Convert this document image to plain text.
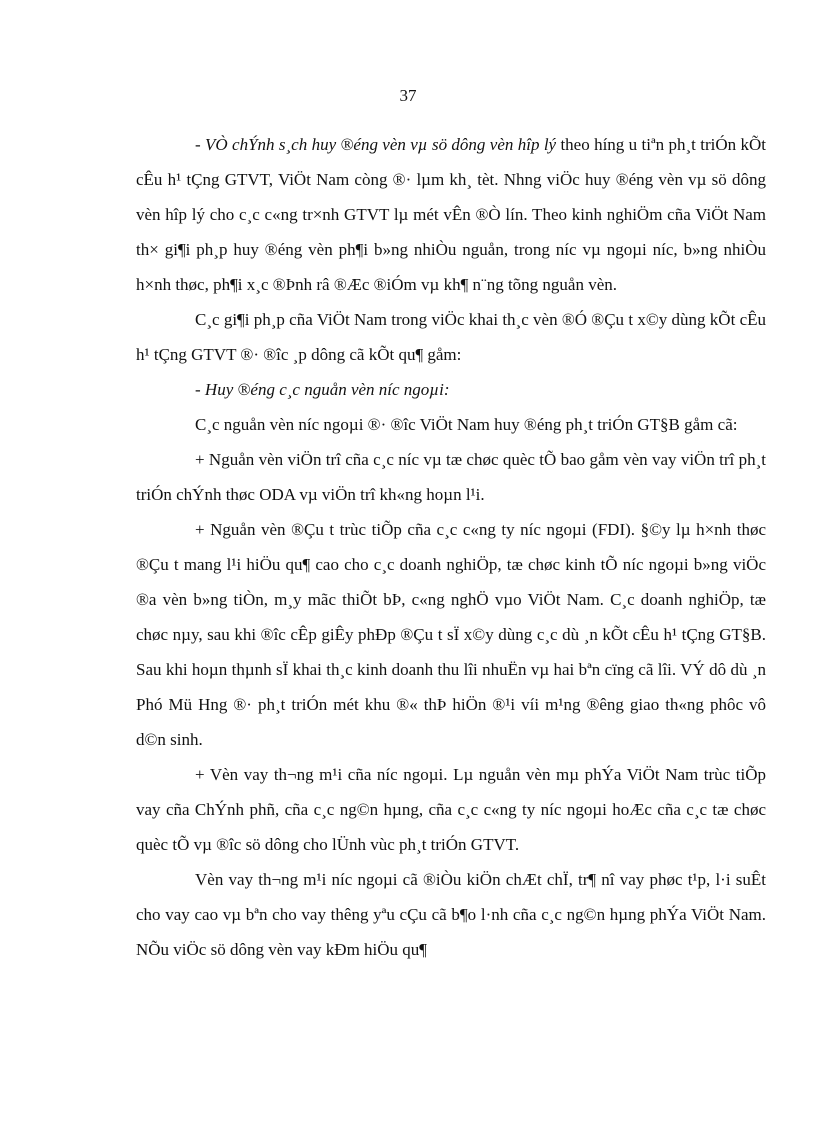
37

- VÒ chÝnh s¸ch huy ®éng vèn vµ sö dông vèn hîp lý theo híng u tiªn ph¸t triÓn kÕt cÊu h¹ tÇng GTVT, ViÖt Nam còng ®· lµm kh¸ tèt. Nhng viÖc huy ®éng vèn vµ sö dông vèn hîp lý cho c¸c c«ng tr×nh GTVT lµ mét vÊn ®Ò lín. Theo kinh nghiÖm cña ViÖt Nam th× gi¶i ph¸p huy ®éng vèn ph¶i b»ng nhiÒu nguån, trong níc vµ ngoµi níc, b»ng nhiÒu h×nh thøc, ph¶i x¸c ®Þnh râ ®Æc ®iÓm vµ kh¶ n¨ng tõng nguån vèn.

C¸c gi¶i ph¸p cña ViÖt Nam trong viÖc khai th¸c vèn ®Ó ®Çu t x©y dùng kÕt cÊu h¹ tÇng GTVT ®· ®îc ¸p dông cã kÕt qu¶ gåm:

- Huy ®éng c¸c nguån vèn níc ngoµi:

C¸c nguån vèn níc ngoµi ®· ®îc ViÖt Nam huy ®éng ph¸t triÓn GT§B gåm cã:

+ Nguån vèn viÖn trî cña c¸c níc vµ tæ chøc quèc tÕ bao gåm vèn vay viÖn trî ph¸t triÓn chÝnh thøc ODA vµ viÖn trî kh«ng hoµn l¹i.

+ Nguån vèn ®Çu t trùc tiÕp cña c¸c c«ng ty níc ngoµi (FDI). §©y lµ h×nh thøc ®Çu t mang l¹i hiÖu qu¶ cao cho c¸c doanh nghiÖp, tæ chøc kinh tÕ níc ngoµi b»ng viÖc ®a vèn b»ng tiÒn, m¸y mãc thiÕt bÞ, c«ng nghÖ vµo ViÖt Nam. C¸c doanh nghiÖp, tæ chøc nµy, sau khi ®îc cÊp giÊy phÐp ®Çu t sÏ x©y dùng c¸c dù ¸n kÕt cÊu h¹ tÇng GT§B. Sau khi hoµn thµnh sÏ khai th¸c kinh doanh thu lîi nhuËn vµ hai bªn cïng cã lîi. VÝ dô dù ¸n Phó Mü Hng ®· ph¸t triÓn mét khu ®« thÞ hiÖn ®¹i víi m¹ng ®êng giao th«ng phôc vô d©n sinh.

+ Vèn vay th¬ng m¹i cña níc ngoµi. Lµ nguån vèn mµ phÝa ViÖt Nam trùc tiÕp vay cña ChÝnh phñ, cña c¸c ng©n hµng, cña c¸c c«ng ty níc ngoµi hoÆc cña c¸c tæ chøc quèc tÕ vµ ®îc sö dông cho lÜnh vùc ph¸t triÓn GTVT.

Vèn vay th¬ng m¹i níc ngoµi cã ®iÒu kiÖn chÆt chÏ, tr¶ nî vay phøc t¹p, l·i suÊt cho vay cao vµ bªn cho vay thêng yªu cÇu cã b¶o l·nh cña c¸c ng©n hµng phÝa ViÖt Nam. NÕu viÖc sö dông vèn vay kÐm hiÖu qu¶
